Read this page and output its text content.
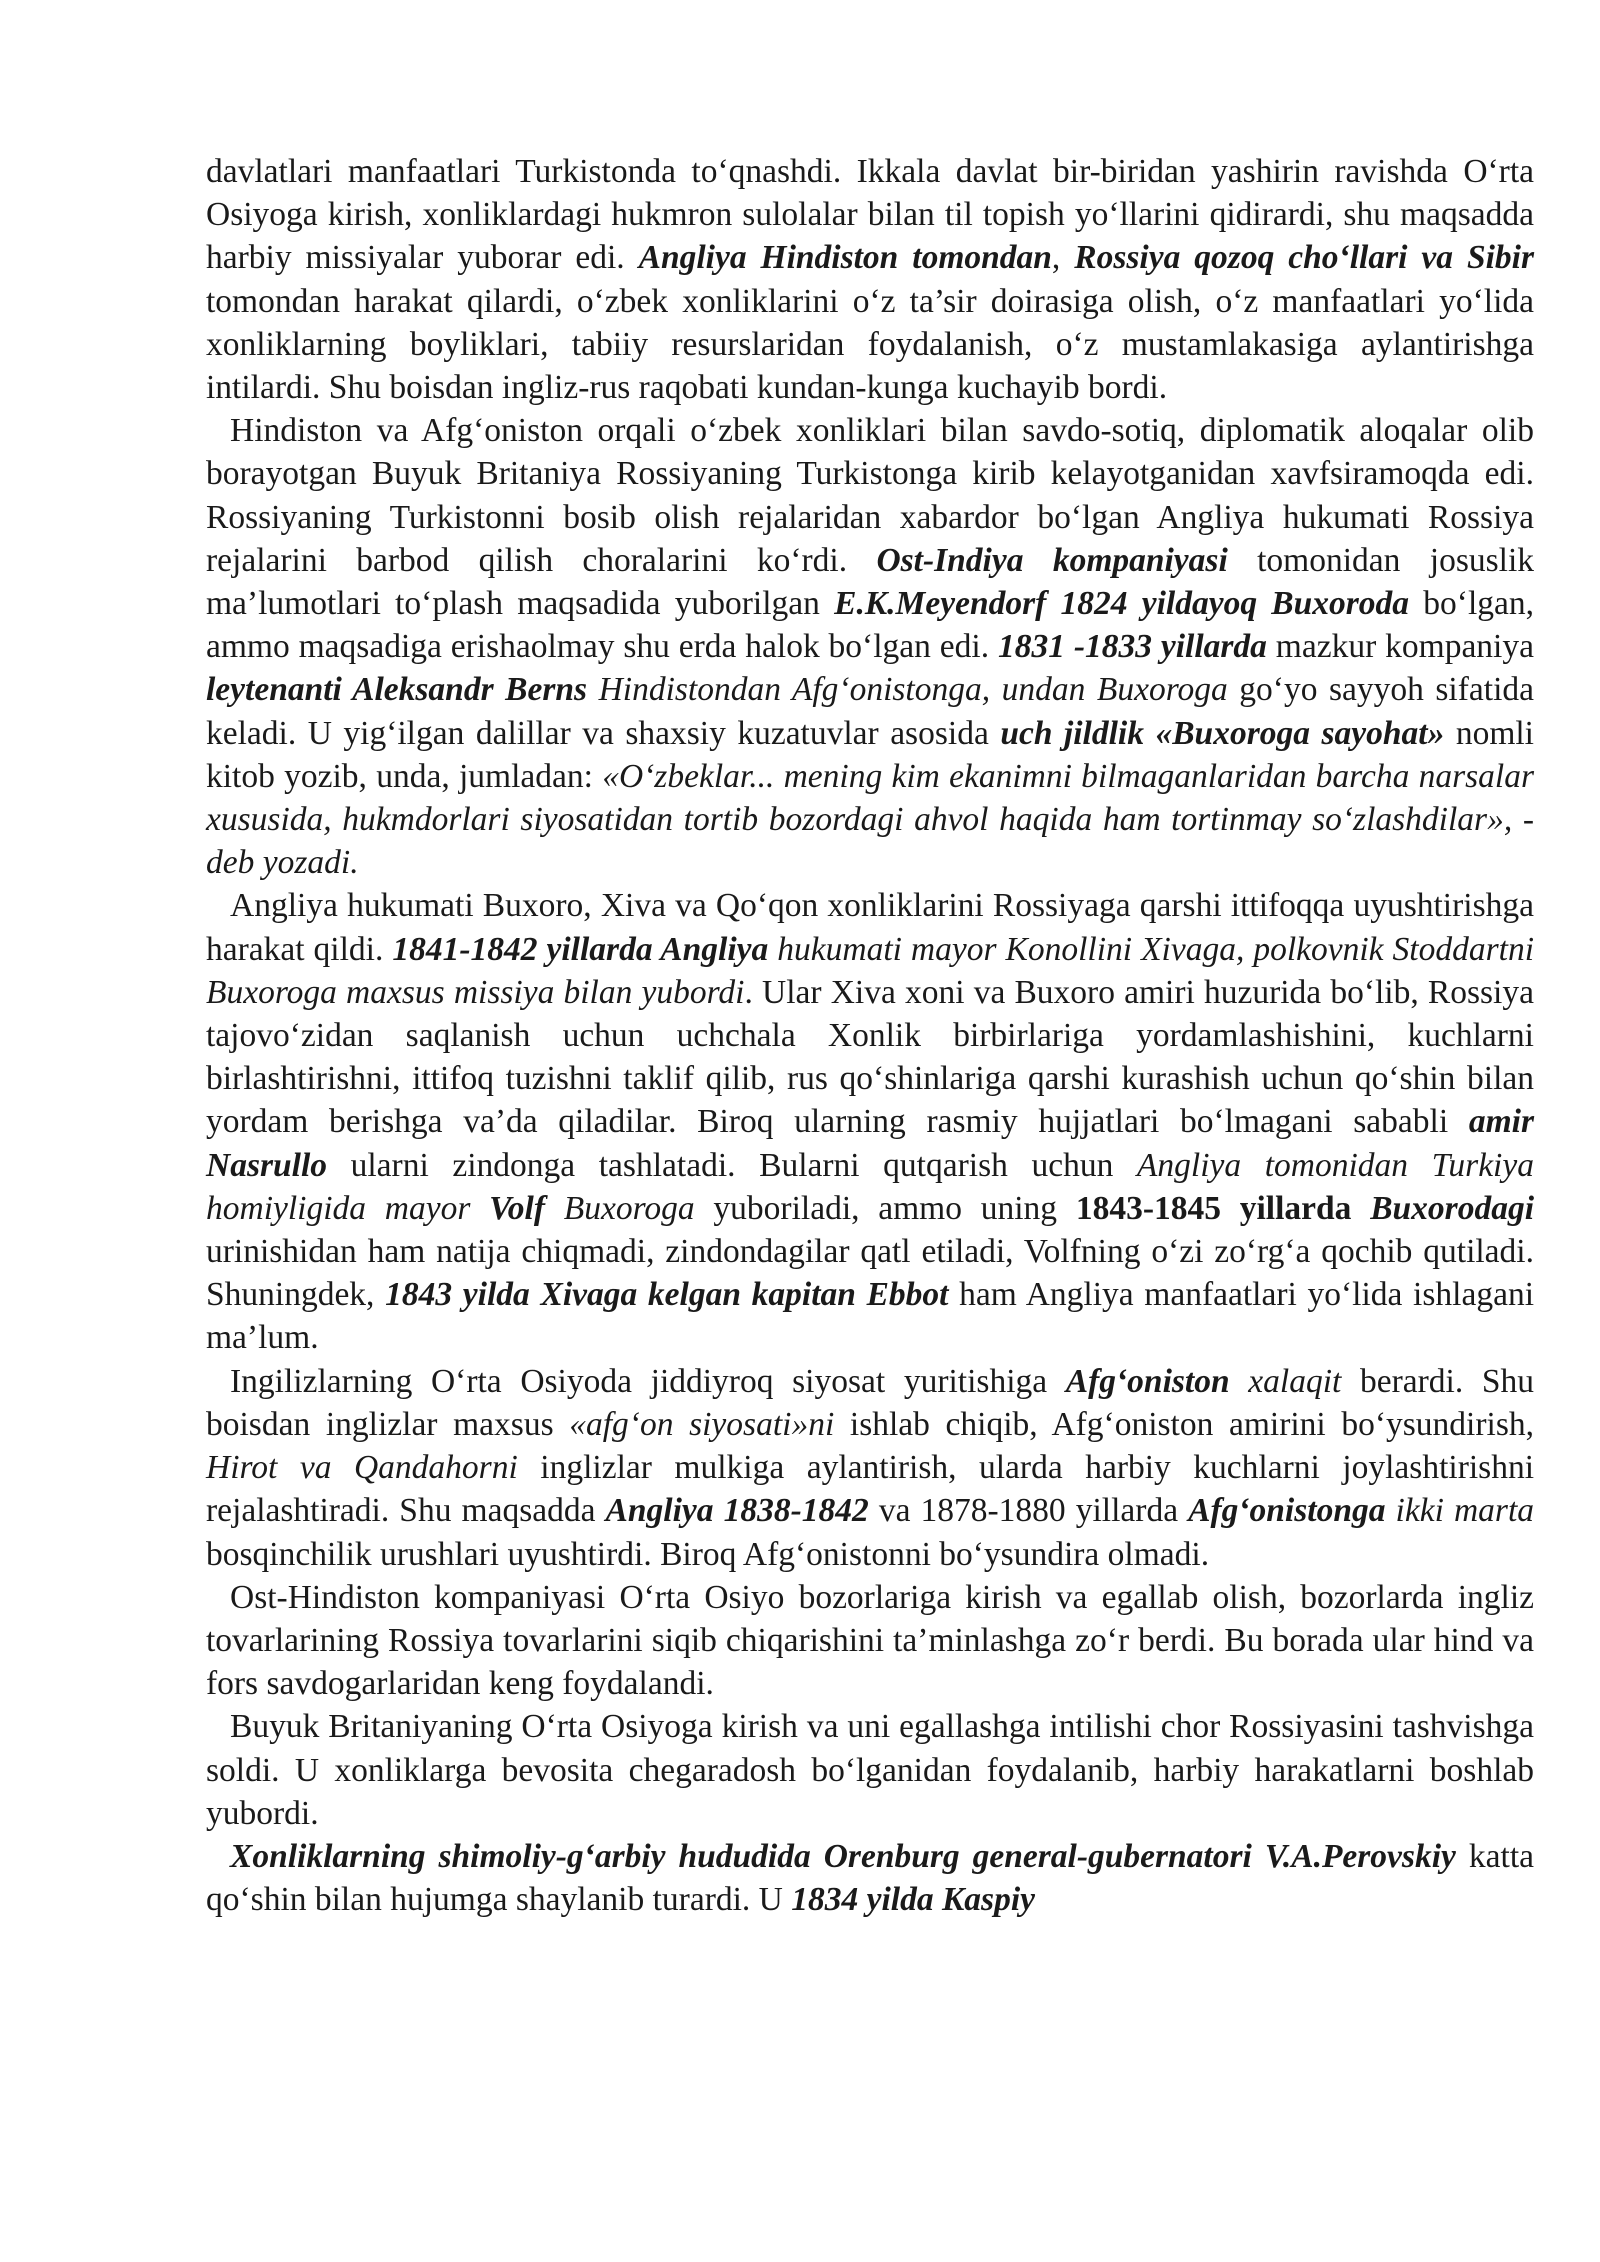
davlatlari manfaatlari Turkistonda to‘qnashdi. Ikkala davlat bir-biridan yashirin ravishda O‘rta Osiyoga kirish, xonliklardagi hukmron sulolalar bilan til topish yo‘llarini qidirardi, shu maqsadda harbiy missiyalar yuborar edi. Angliya Hindiston tomondan, Rossiya qozoq cho‘llari va Sibir tomondan harakat qilardi, o‘zbek xonliklarini o‘z ta’sir doirasiga olish, o‘z manfaatlari yo‘lida xonliklarning boyliklari, tabiiy resurslaridan foydalanish, o‘z mustamlakasiga aylantirishga intilardi. Shu boisdan ingliz-rus raqobati kundan-kunga kuchayib bordi.

Hindiston va Afg‘oniston orqali o‘zbek xonliklari bilan savdo-sotiq, diplomatik aloqalar olib borayotgan Buyuk Britaniya Rossiyaning Turkistonga kirib kelayotganidan xavfsiramoqda edi. Rossiyaning Turkistonni bosib olish rejalaridan xabardor bo‘lgan Angliya hukumati Rossiya rejalarini barbod qilish choralarini ko‘rdi. Ost-Indiya kompaniyasi tomonidan josuslik ma’lumotlari to‘plash maqsadida yuborilgan E.K.Meyendorf 1824 yildayoq Buxoroda bo‘lgan, ammo maqsadiga erishaolmay shu erda halok bo‘lgan edi. 1831 -1833 yillarda mazkur kompaniya leytenanti Aleksandr Berns Hindistondan Afg‘onistonga, undan Buxoroga go‘yo sayyoh sifatida keladi. U yig‘ilgan dalillar va shaxsiy kuzatuvlar asosida uch jildlik «Buxoroga sayohat» nomli kitob yozib, unda, jumladan: «O‘zbeklar... mening kim ekanimni bilmaganlaridan barcha narsalar xususida, hukmdorlari siyosatidan tortib bozordagi ahvol haqida ham tortinmay so‘zlashdilar», -deb yozadi.

Angliya hukumati Buxoro, Xiva va Qo‘qon xonliklarini Rossiyaga qarshi ittifoqqa uyushtirishga harakat qildi. 1841-1842 yillarda Angliya hukumati mayor Konollini Xivaga, polkovnik Stoddartni Buxoroga maxsus missiya bilan yubordi. Ular Xiva xoni va Buxoro amiri huzurida bo‘lib, Rossiya tajovo‘zidan saqlanish uchun uchchala Xonlik birbirlariga yordamlashishini, kuchlarni birlashtirishni, ittifoq tuzishni taklif qilib, rus qo‘shinlariga qarshi kurashish uchun qo‘shin bilan yordam berishga va’da qiladilar. Biroq ularning rasmiy hujjatlari bo‘lmagani sababli amir Nasrullo ularni zindonga tashlatadi. Bularni qutqarish uchun Angliya tomonidan Turkiya homiyligida mayor Volf Buxoroga yuboriladi, ammo uning 1843-1845 yillarda Buxorodagi urinishidan ham natija chiqmadi, zindondagilar qatl etiladi, Volfning o‘zi zo‘rg‘a qochib qutiladi. Shuningdek, 1843 yilda Xivaga kelgan kapitan Ebbot ham Angliya manfaatlari yo‘lida ishlagani ma’lum.

Ingilizlarning O‘rta Osiyoda jiddiyroq siyosat yuritishiga Afg‘oniston xalaqit berardi. Shu boisdan inglizlar maxsus «afg‘on siyosati»ni ishlab chiqib, Afg‘oniston amirini bo‘ysundirish, Hirot va Qandahorni inglizlar mulkiga aylantirish, ularda harbiy kuchlarni joylashtirishni rejalashtiradi. Shu maqsadda Angliya 1838-1842 va 1878-1880 yillarda Afg‘onistonga ikki marta bosqinchilik urushlari uyushtirdi. Biroq Afg‘onistonni bo‘ysundira olmadi.

Ost-Hindiston kompaniyasi O‘rta Osiyo bozorlariga kirish va egallab olish, bozorlarda ingliz tovarlarining Rossiya tovarlarini siqib chiqarishini ta’minlashga zo‘r berdi. Bu borada ular hind va fors savdogarlaridan keng foydalandi.

Buyuk Britaniyaning O‘rta Osiyoga kirish va uni egallashga intilishi chor Rossiyasini tashvishga soldi. U xonliklarga bevosita chegaradosh bo‘lganidan foydalanib, harbiy harakatlarni boshlab yubordi.

Xonliklarning shimoliy-g‘arbiy hududida Orenburg general-gubernatori V.A.Perovskiy katta qo‘shin bilan hujumga shaylanib turardi. U 1834 yilda Kaspiy
